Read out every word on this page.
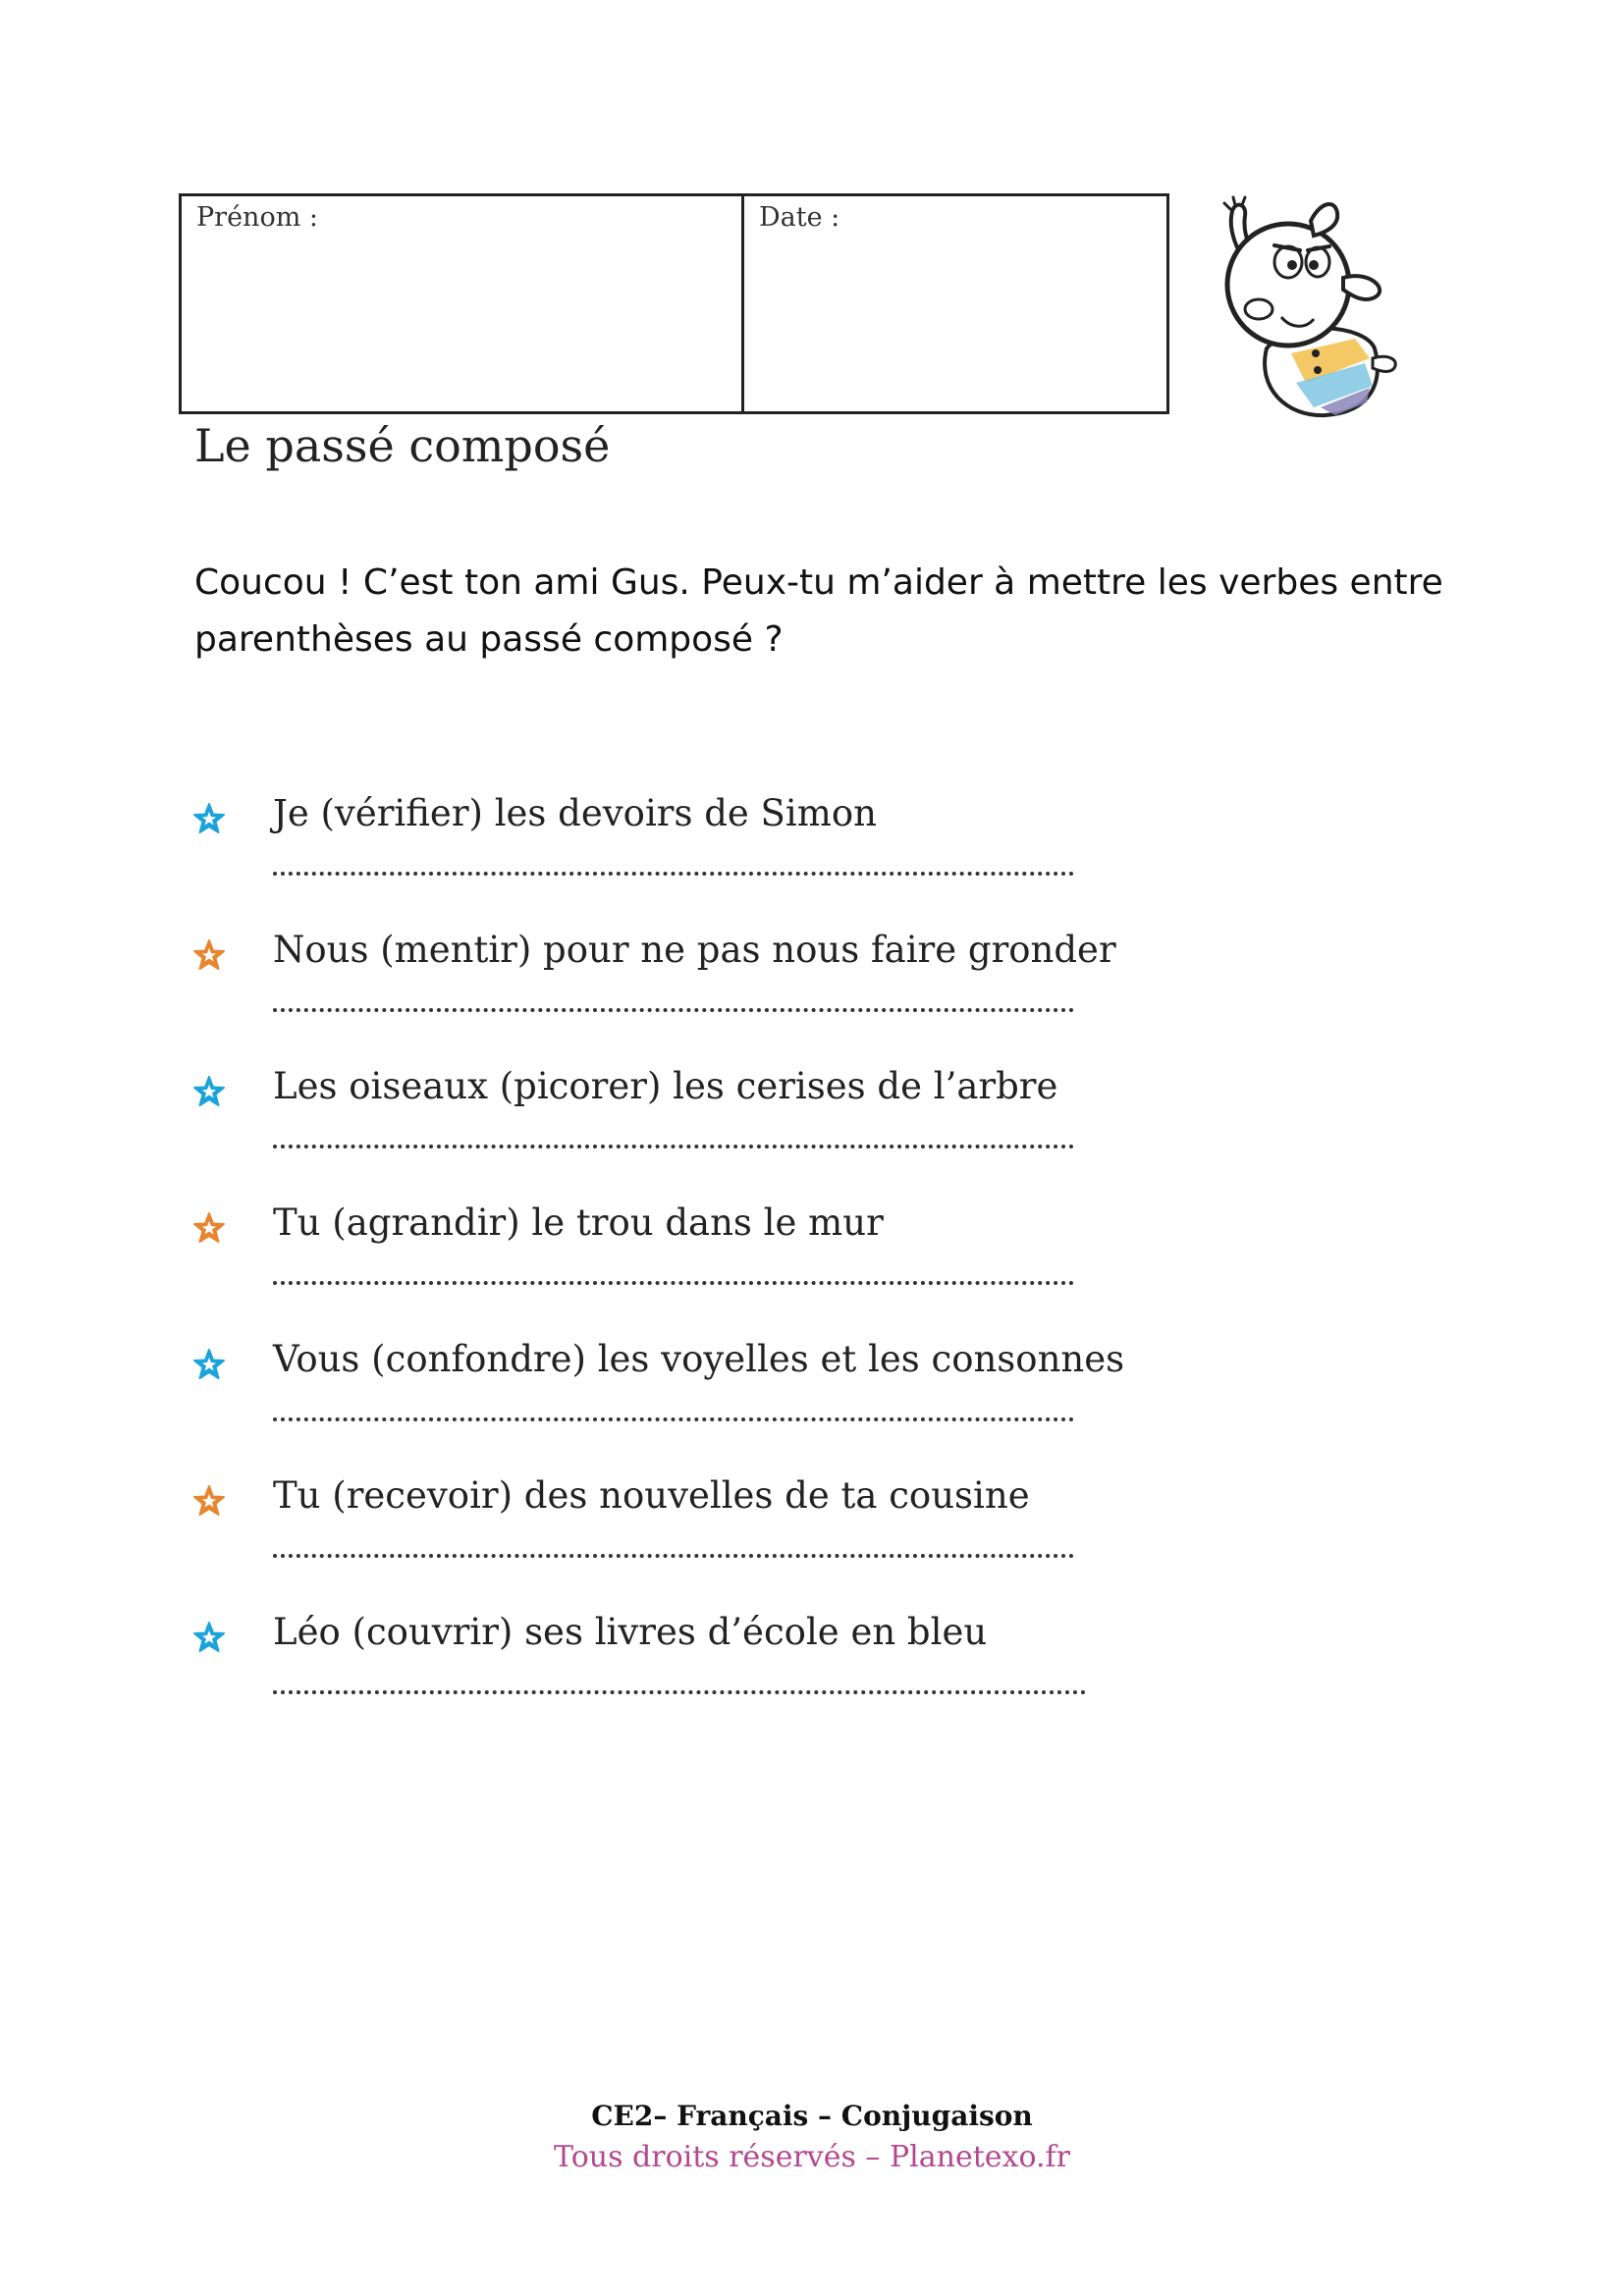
Prénom :	Date :
Le passé composé

Coucou ! C’est ton ami Gus. Peux-tu m’aider à mettre les verbes entre parenthèses au passé composé ?

Je (vérifier) les devoirs de Simon
Nous (mentir) pour ne pas nous faire gronder
Les oiseaux (picorer) les cerises de l’arbre
Tu (agrandir) le trou dans le mur
Vous (confondre) les voyelles et les consonnes
Tu (recevoir) des nouvelles de ta cousine
Léo (couvrir) ses livres d’école en bleu
CE2– Français – Conjugaison
Tous droits réservés – Planetexo.fr
